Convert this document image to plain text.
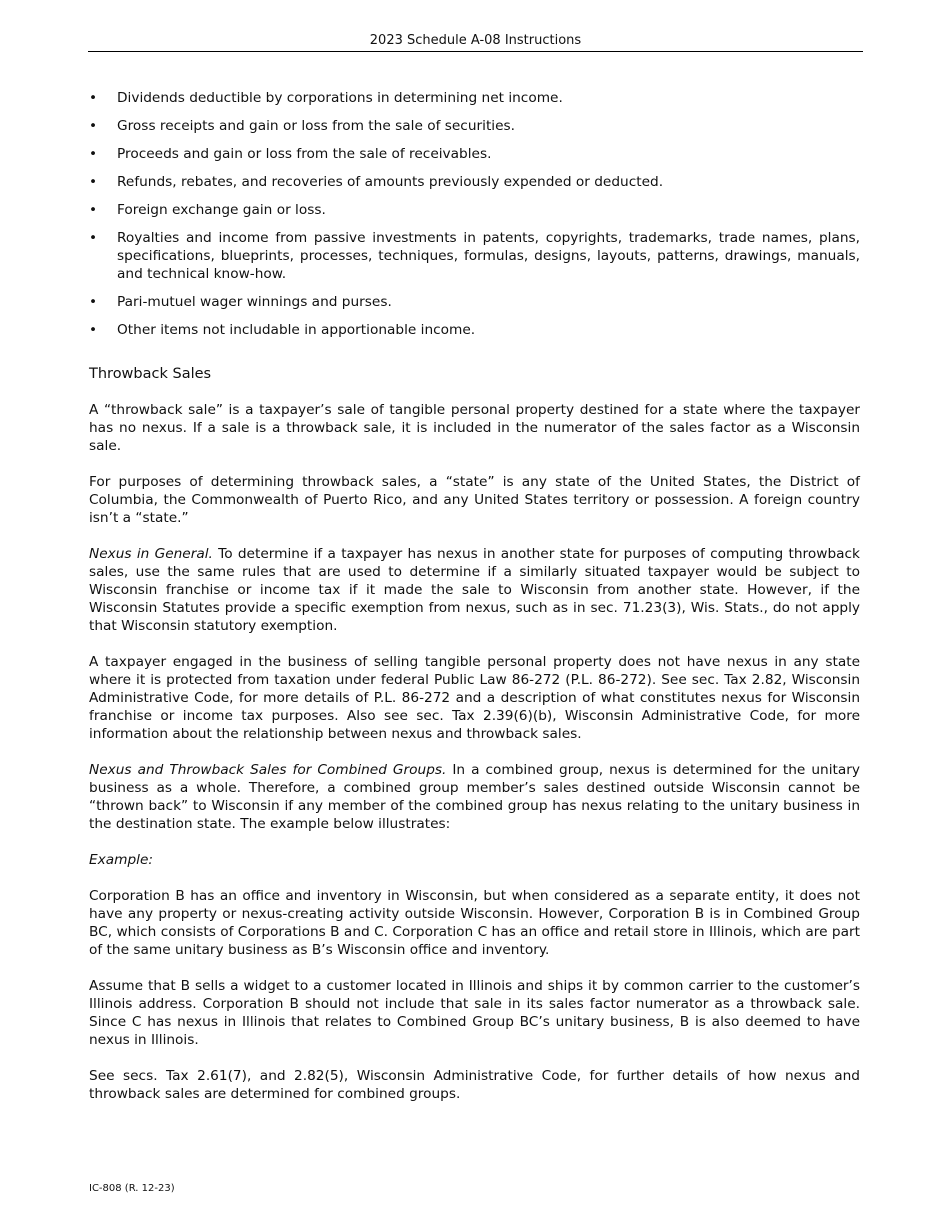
2023 Schedule A-08 Instructions
• Dividends deductible by corporations in determining net income.
• Gross receipts and gain or loss from the sale of securities.
• Proceeds and gain or loss from the sale of receivables.
• Refunds, rebates, and recoveries of amounts previously expended or deducted.
• Foreign exchange gain or loss.
• Royalties and income from passive investments in patents, copyrights, trademarks, trade names, plans, specifications, blueprints, processes, techniques, formulas, designs, layouts, patterns, drawings, manuals, and technical know-how.
• Pari-mutuel wager winnings and purses.
• Other items not includable in apportionable income.
Throwback Sales

A “throwback sale” is a taxpayer’s sale of tangible personal property destined for a state where the taxpayer has no nexus. If a sale is a throwback sale, it is included in the numerator of the sales factor as a Wisconsin sale.

For purposes of determining throwback sales, a “state” is any state of the United States, the District of Columbia, the Commonwealth of Puerto Rico, and any United States territory or possession. A foreign country isn’t a “state.”

Nexus in General. To determine if a taxpayer has nexus in another state for purposes of computing throwback sales, use the same rules that are used to determine if a similarly situated taxpayer would be subject to Wisconsin franchise or income tax if it made the sale to Wisconsin from another state. However, if the Wisconsin Statutes provide a specific exemption from nexus, such as in sec. 71.23(3), Wis. Stats., do not apply that Wisconsin statutory exemption.

A taxpayer engaged in the business of selling tangible personal property does not have nexus in any state where it is protected from taxation under federal Public Law 86-272 (P.L. 86-272). See sec. Tax 2.82, Wisconsin Administrative Code, for more details of P.L. 86-272 and a description of what constitutes nexus for Wisconsin franchise or income tax purposes. Also see sec. Tax 2.39(6)(b), Wisconsin Administrative Code, for more information about the relationship between nexus and throwback sales.

Nexus and Throwback Sales for Combined Groups. In a combined group, nexus is determined for the unitary business as a whole. Therefore, a combined group member’s sales destined outside Wisconsin cannot be “thrown back” to Wisconsin if any member of the combined group has nexus relating to the unitary business in the destination state. The example below illustrates:

Example:

Corporation B has an office and inventory in Wisconsin, but when considered as a separate entity, it does not have any property or nexus-creating activity outside Wisconsin. However, Corporation B is in Combined Group BC, which consists of Corporations B and C. Corporation C has an office and retail store in Illinois, which are part of the same unitary business as B’s Wisconsin office and inventory.

Assume that B sells a widget to a customer located in Illinois and ships it by common carrier to the customer’s Illinois address. Corporation B should not include that sale in its sales factor numerator as a throwback sale. Since C has nexus in Illinois that relates to Combined Group BC’s unitary business, B is also deemed to have nexus in Illinois.

See secs. Tax 2.61(7), and 2.82(5), Wisconsin Administrative Code, for further details of how nexus and throwback sales are determined for combined groups.

IC-808 (R. 12-23)
